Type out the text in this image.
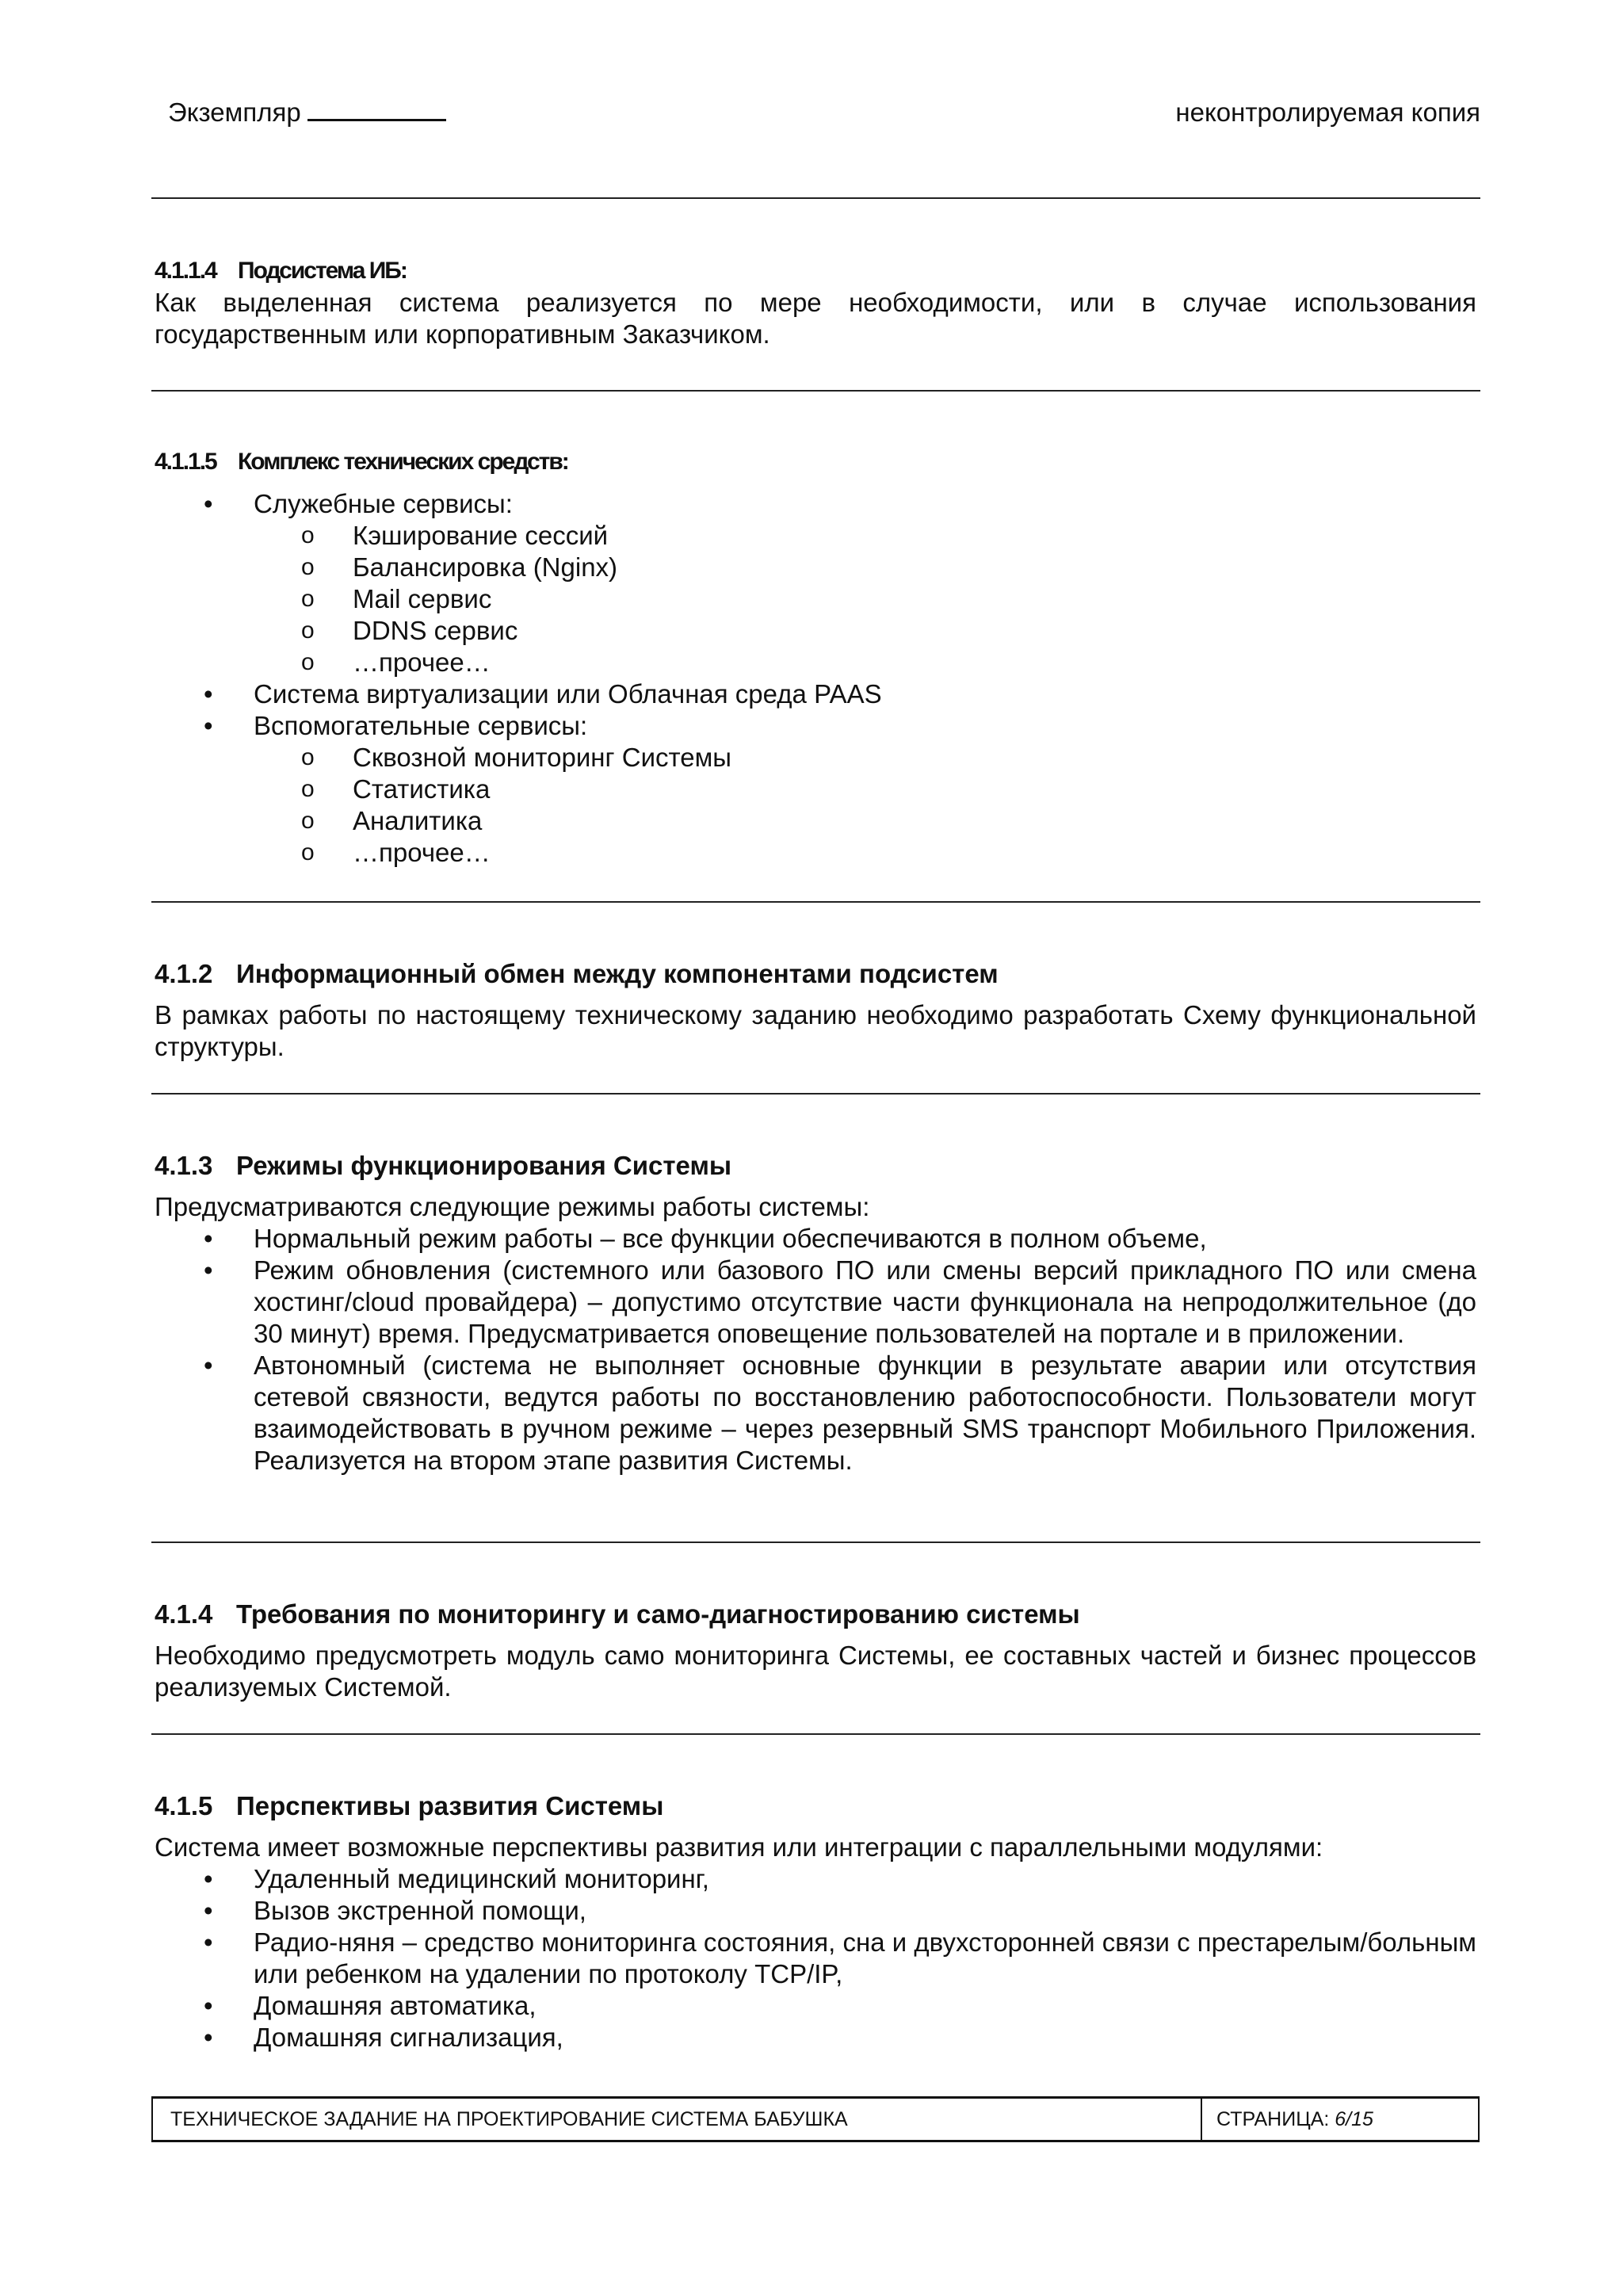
Экземпляр	неконтролируемая копия
4.1.1.4 Подсистема ИБ:

Как выделенная система реализуется по мере необходимости, или в случае использования государственным или корпоративным Заказчиком.

4.1.1.5 Комплекс технических средств:
• Служебные сервисы:
o Кэширование сессий
o Балансировка (Nginx)
o Mail сервис
o DDNS сервис
o …прочее…
• Система виртуализации или Облачная среда PAAS
• Вспомогательные сервисы:
o Сквозной мониторинг Системы
o Статистика
o Аналитика
o …прочее…
4.1.2 Информационный обмен между компонентами подсистем

В рамках работы по настоящему техническому заданию необходимо разработать Схему функциональной структуры.

4.1.3 Режимы функционирования Системы

Предусматриваются следующие режимы работы системы:

• Нормальный режим работы – все функции обеспечиваются в полном объеме,
• Режим обновления (системного или базового ПО или смены версий прикладного ПО или смена хостинг/cloud провайдера) – допустимо отсутствие части функционала на непродолжительное (до 30 минут) время. Предусматривается оповещение пользователей на портале и в приложении.
• Автономный (система не выполняет основные функции в результате аварии или отсутствия сетевой связности, ведутся работы по восстановлению работоспособности. Пользователи могут взаимодействовать в ручном режиме – через резервный SMS транспорт Мобильного Приложения. Реализуется на втором этапе развития Системы.
4.1.4 Требования по мониторингу и само-диагностированию системы

Необходимо предусмотреть модуль само мониторинга Системы, ее составных частей и бизнес процессов реализуемых Системой.

4.1.5 Перспективы развития Системы

Система имеет возможные перспективы развития или интеграции с параллельными модулями:

• Удаленный медицинский мониторинг,
• Вызов экстренной помощи,
• Радио-няня – средство мониторинга состояния, сна и двухсторонней связи с престарелым/больным или ребенком на удалении по протоколу TCP/IP,
• Домашняя автоматика,
• Домашняя сигнализация,
ТЕХНИЧЕСКОЕ ЗАДАНИЕ НА ПРОЕКТИРОВАНИЕ СИСТЕМА БАБУШКА	СТРАНИЦА: 6/15
